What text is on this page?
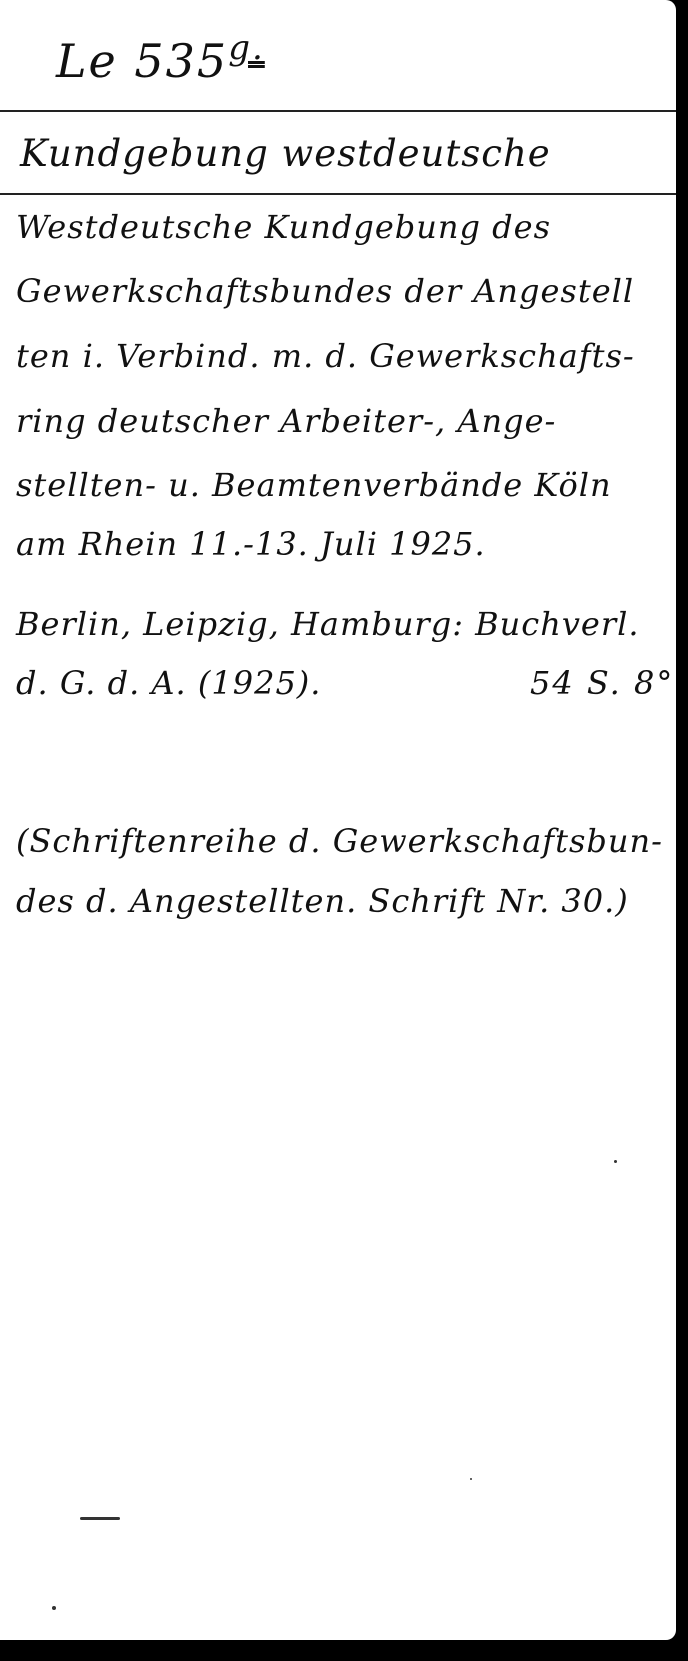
Le $535^{g.}$
Kundgebung westdeutsche
Westdeutsche Kundgebung des
Gewerkschaftsbundes der Angestell
ten i. Verbind. m. d. Gewerkschafts-
ring deutscher Arbeiter-, Ange-
stellten- u. Beamtenverbände Köln
am Rhein 11.-13. Juli 1925.
Berlin, Leipzig, Hamburg: Buchverl.
d. G. d. A. (1925).	54 S. 8°
(Schriftenreihe d. Gewerkschaftsbun-
des d. Angestellten. Schrift Nr. 30.)
